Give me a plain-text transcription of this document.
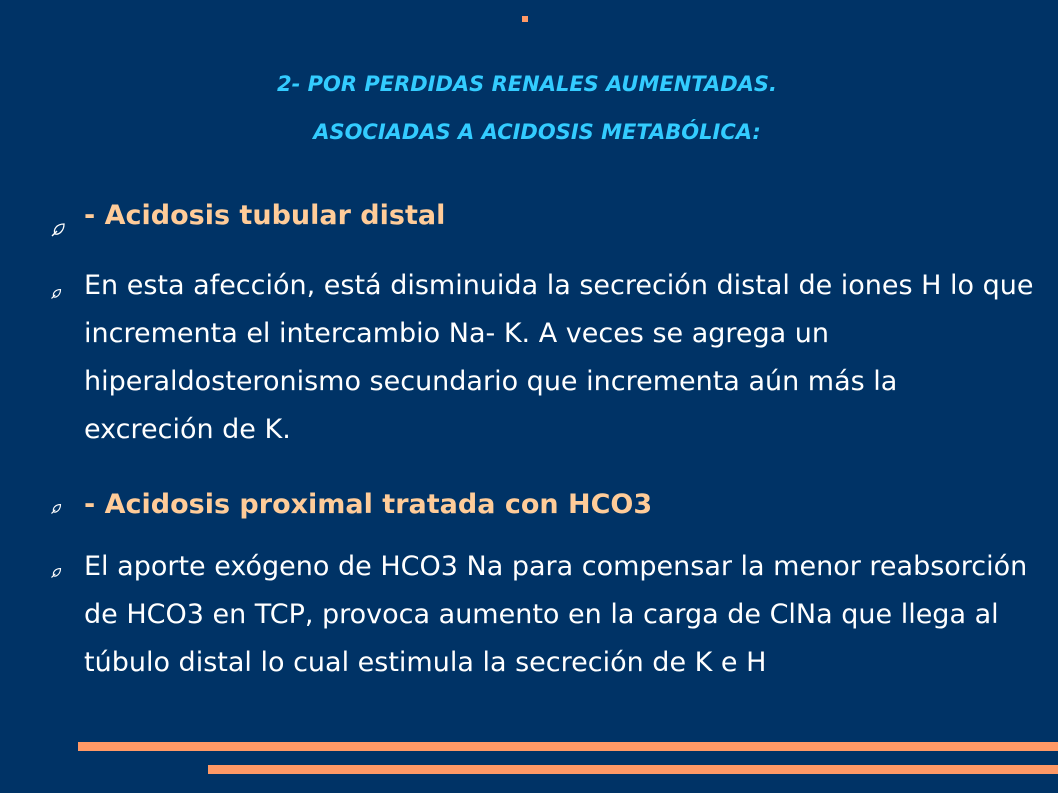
2- POR PERDIDAS RENALES AUMENTADAS.
ASOCIADAS A ACIDOSIS METABÓLICA:

- Acidosis tubular distal

En esta afección, está disminuida la secreción distal de iones H lo que incrementa el intercambio Na- K. A veces se agrega un hiperaldosteronismo secundario que incrementa aún más la excreción de K.

- Acidosis proximal tratada con HCO3

El aporte exógeno de HCO3 Na para compensar la menor reabsorción de HCO3 en TCP, provoca aumento en la carga de ClNa que llega al túbulo distal lo cual estimula la secreción de K e H
